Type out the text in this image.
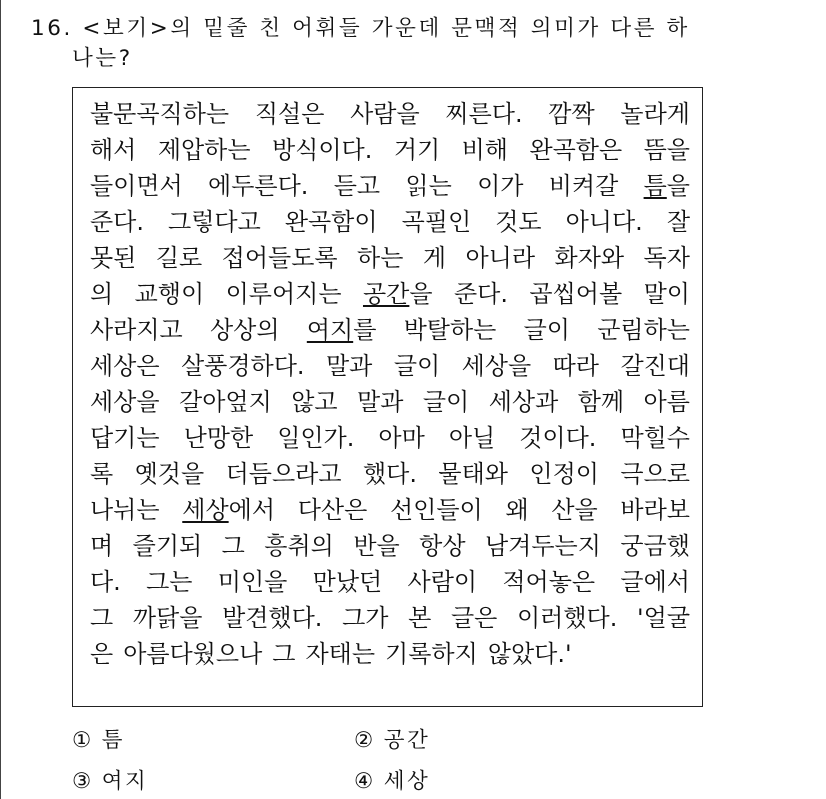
16. <보기>의 밑줄 친 어휘들 가운데 문맥적 의미가 다른 하
나는?
불문곡직하는 직설은 사람을 찌른다. 깜짝 놀라게
해서 제압하는 방식이다. 거기 비해 완곡함은 뜸을
들이면서 에두른다. 듣고 읽는 이가 비켜갈 틈을
준다. 그렇다고 완곡함이 곡필인 것도 아니다. 잘
못된 길로 접어들도록 하는 게 아니라 화자와 독자
의 교행이 이루어지는 공간을 준다. 곱씹어볼 말이
사라지고 상상의 여지를 박탈하는 글이 군림하는
세상은 살풍경하다. 말과 글이 세상을 따라 갈진대
세상을 갈아엎지 않고 말과 글이 세상과 함께 아름
답기는 난망한 일인가. 아마 아닐 것이다. 막힐수
록 옛것을 더듬으라고 했다. 물태와 인정이 극으로
나뉘는 세상에서 다산은 선인들이 왜 산을 바라보
며 즐기되 그 흥취의 반을 항상 남겨두는지 궁금했
다. 그는 미인을 만났던 사람이 적어놓은 글에서
그 까닭을 발견했다. 그가 본 글은 이러했다. '얼굴
은 아름다웠으나 그 자태는 기록하지 않았다.'
① 틈	② 공간
③ 여지	④ 세상
